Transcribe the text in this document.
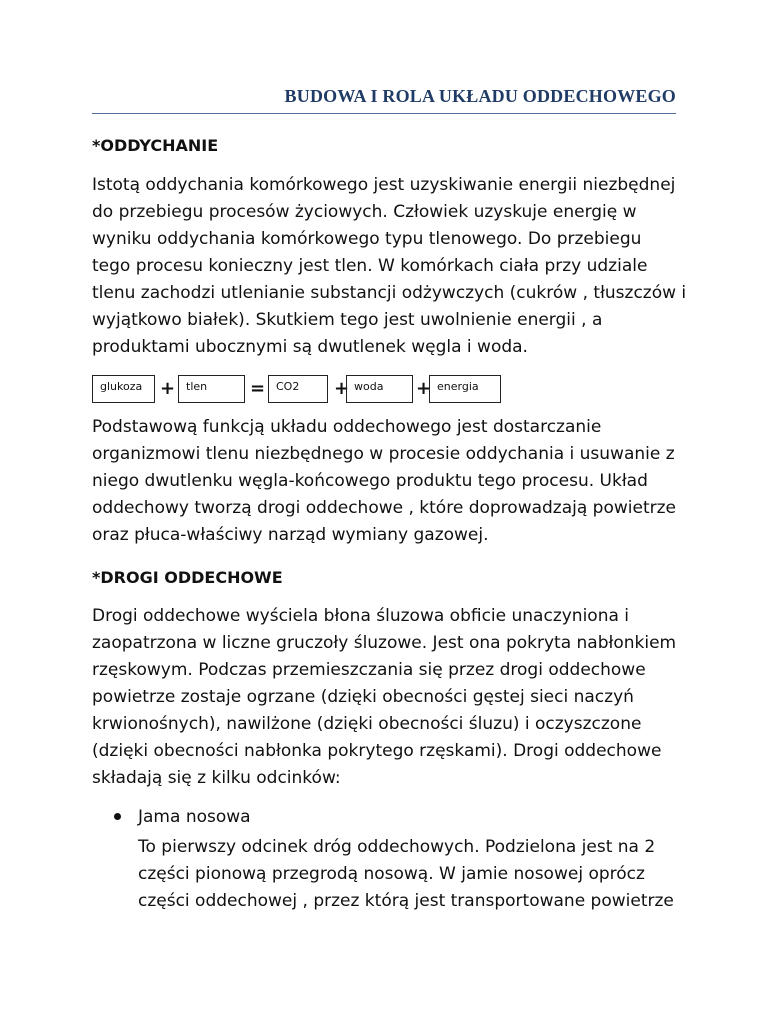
BUDOWA I ROLA UKŁADU ODDECHOWEGO
*ODDYCHANIE

Istotą oddychania komórkowego jest uzyskiwanie energii niezbędnej
do przebiegu procesów życiowych. Człowiek uzyskuje energię w
wyniku oddychania komórkowego typu tlenowego. Do przebiegu
tego procesu konieczny jest tlen. W komórkach ciała przy udziale
tlenu zachodzi utlenianie substancji odżywczych (cukrów , tłuszczów i
wyjątkowo białek). Skutkiem tego jest uwolnienie energii , a
produktami ubocznymi są dwutlenek węgla i woda.

glukoza + tlen	= CO2	+ woda	+ energia

Podstawową funkcją układu oddechowego jest dostarczanie
organizmowi tlenu niezbędnego w procesie oddychania i usuwanie z
niego dwutlenku węgla-końcowego produktu tego procesu. Układ
oddechowy tworzą drogi oddechowe , które doprowadzają powietrze
oraz płuca-właściwy narząd wymiany gazowej.

*DROGI ODDECHOWE

Drogi oddechowe wyściela błona śluzowa obficie unaczyniona i
zaopatrzona w liczne gruczoły śluzowe. Jest ona pokryta nabłonkiem
rzęskowym. Podczas przemieszczania się przez drogi oddechowe
powietrze zostaje ogrzane (dzięki obecności gęstej sieci naczyń
krwionośnych), nawilżone (dzięki obecności śluzu) i oczyszczone
(dzięki obecności nabłonka pokrytego rzęskami). Drogi oddechowe
składają się z kilku odcinków:

Jama nosowa

To pierwszy odcinek dróg oddechowych. Podzielona jest na 2
części pionową przegrodą nosową. W jamie nosowej oprócz
części oddechowej , przez którą jest transportowane powietrze
